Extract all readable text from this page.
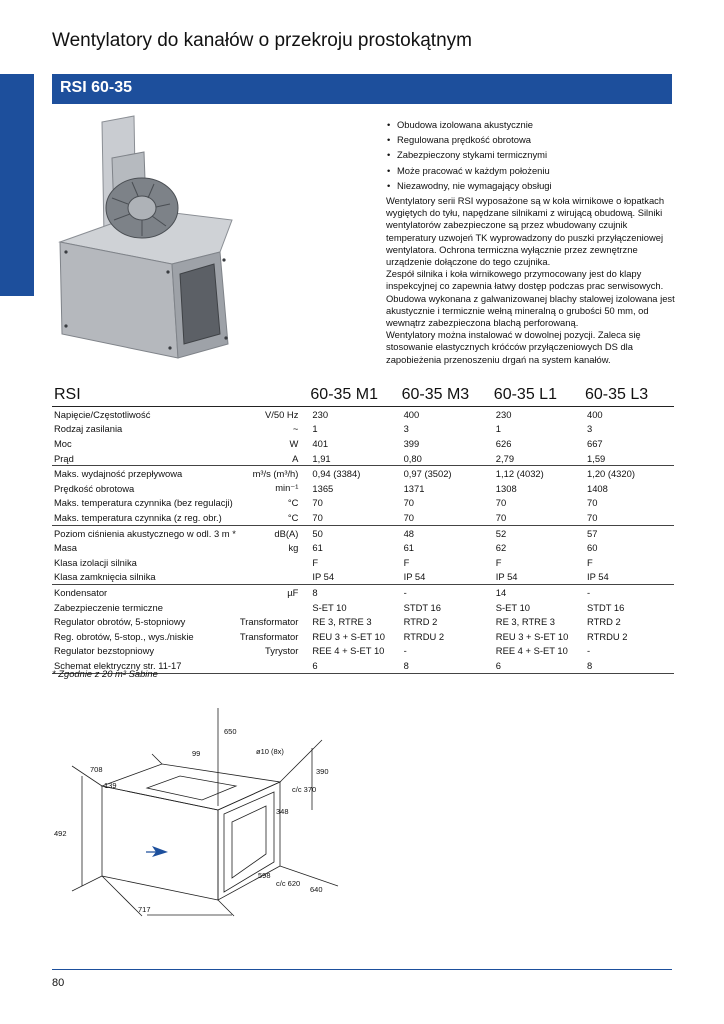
Wentylatory do kanałów o przekroju prostokątnym
RSI 60-35
• Obudowa izolowana akustycznie
• Regulowana prędkość obrotowa
• Zabezpieczony stykami termicznymi
• Może pracować w każdym położeniu
• Niezawodny, nie wymagający obsługi

Wentylatory serii RSI wyposażone są w koła wirnikowe o łopatkach wygiętych do tyłu, napędzane silnikami z wirującą obudową. Silniki wentylatorów zabezpieczone są przez wbudowany czujnik temperatury uzwojeń TK wyprowadzony do puszki przyłączeniowej wentylatora. Ochrona termiczna wyłącznie przez zewnętrzne urządzenie dołączone do tego czujnika.

Zespół silnika i koła wirnikowego przymocowany jest do klapy inspekcyjnej co zapewnia łatwy dostęp podczas prac serwisowych.

Obudowa wykonana z galwanizowanej blachy stalowej izolowana jest akustycznie i termicznie wełną mineralną o grubości 50 mm, od wewnątrz zabezpieczona blachą perforowaną.

Wentylatory można instalować w dowolnej pozycji. Zaleca się stosowanie elastycznych króćców przyłączeniowych DS dla zapobieżenia przenoszeniu drgań na system kanałów.

RSI		60-35 M1	60-35 M3	60-35 L1	60-35 L3
Napięcie/Częstotliwość	V/50 Hz	230	400	230	400
Rodzaj zasilania	~	1	3	1	3
Moc	W	401	399	626	667
Prąd	A	1,91	0,80	2,79	1,59
Maks. wydajność przepływowa	m³/s (m³/h)	0,94 (3384)	0,97 (3502)	1,12 (4032)	1,20 (4320)
Prędkość obrotowa	min⁻¹	1365	1371	1308	1408
Maks. temperatura czynnika (bez regulacji)	°C	70	70	70	70
Maks. temperatura czynnika (z reg. obr.)	°C	70	70	70	70
Poziom ciśnienia akustycznego w odl. 3 m *	dB(A)	50	48	52	57
Masa	kg	61	61	62	60
Klasa izolacji silnika		F	F	F	F
Klasa zamknięcia silnika		IP 54	IP 54	IP 54	IP 54
Kondensator	µF	8	-	14	-
Zabezpieczenie termiczne		S-ET 10	STDT 16	S-ET 10	STDT 16
Regulator obrotów, 5-stopniowy	Transformator	RE 3, RTRE 3	RTRD 2	RE 3, RTRE 3	RTRD 2
Reg. obrotów, 5-stop., wys./niskie	Transformator	REU 3 + S-ET 10	RTRDU 2	REU 3 + S-ET 10	RTRDU 2
Regulator bezstopniowy	Tyrystor	REE 4 + S-ET 10	-	REE 4 + S-ET 10	-
Schemat elektryczny str. 11-17		6	8	6	8
* Zgodnie z 20 m² Sabine
650
99	ø10 (8x)
708
139
390
c/c 370
348
492
598
c/c 620
640
717
80
